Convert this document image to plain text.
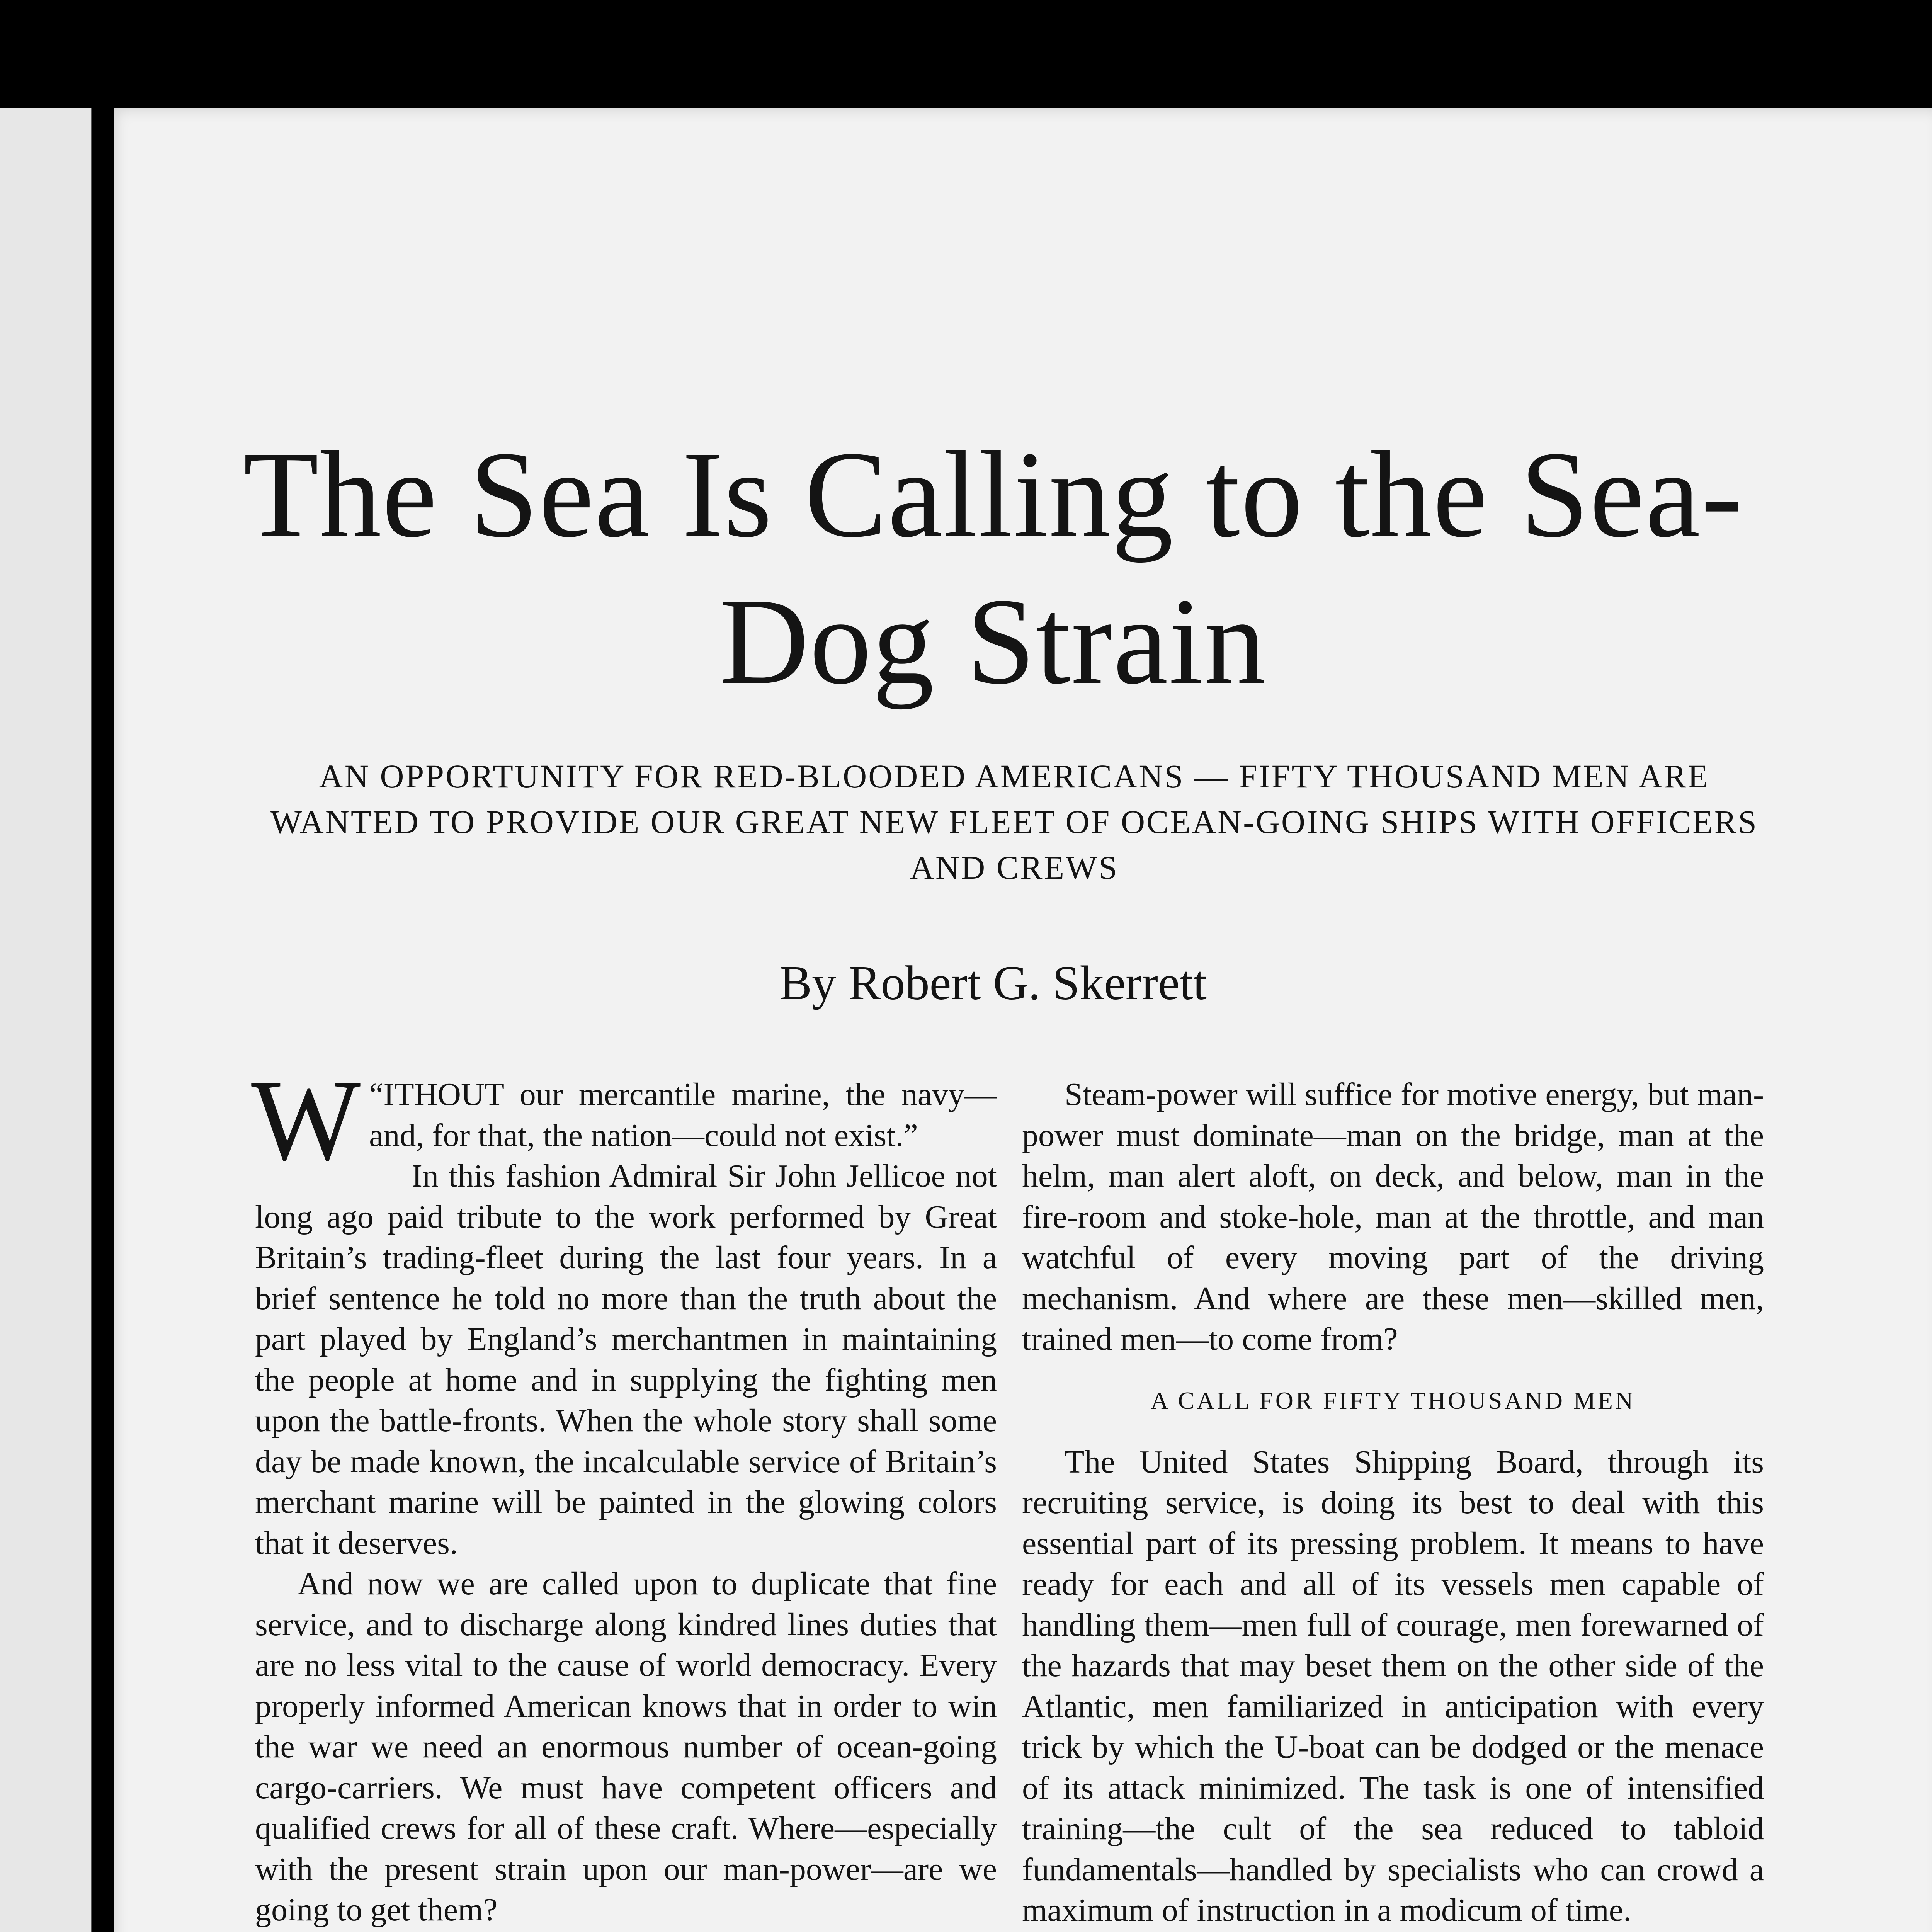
The Sea Is Calling to the Sea-Dog Strain
AN OPPORTUNITY FOR RED-BLOODED AMERICANS — FIFTY THOUSAND MEN ARE WANTED TO PROVIDE OUR GREAT NEW FLEET OF OCEAN-GOING SHIPS WITH OFFICERS AND CREWS
By Robert G. Skerrett

“
W ITHOUT our mercantile marine, the navy—and, for that, the nation—could not exist.”

In this fashion Admiral Sir John Jellicoe not long ago paid tribute to the work performed by Great Britain’s trading-fleet during the last four years. In a brief sentence he told no more than the truth about the part played by England’s merchantmen in maintaining the people at home and in supplying the fighting men upon the battle-fronts. When the whole story shall some day be made known, the incalculable service of Britain’s merchant marine will be painted in the glowing colors that it deserves.

And now we are called upon to duplicate that fine service, and to discharge along kindred lines duties that are no less vital to the cause of world democracy. Every properly informed American knows that in order to win the war we need an enormous number of ocean-going cargo-carriers. We must have competent officers and qualified crews for all of these craft. Where—especially with the present strain upon our man-power—are we going to get them?

Steam-power will suffice for motive energy, but man-power must dominate—man on the bridge, man at the helm, man alert aloft, on deck, and below, man in the fire-room and stoke-hole, man at the throttle, and man watchful of every moving part of the driving mechanism. And where are these men—skilled men, trained men—to come from?

A CALL FOR FIFTY THOUSAND MEN

The United States Shipping Board, through its recruiting service, is doing its best to deal with this essential part of its pressing problem. It means to have ready for each and all of its vessels men capable of handling them—men full of courage, men forewarned of the hazards that may beset them on the other side of the Atlantic, men familiarized in anticipation with every trick by which the U-boat can be dodged or the menace of its attack minimized. The task is one of intensified training—the cult of the sea reduced to tabloid fundamentals—handled by specialists who can crowd a maximum of instruction in a modicum of time.
